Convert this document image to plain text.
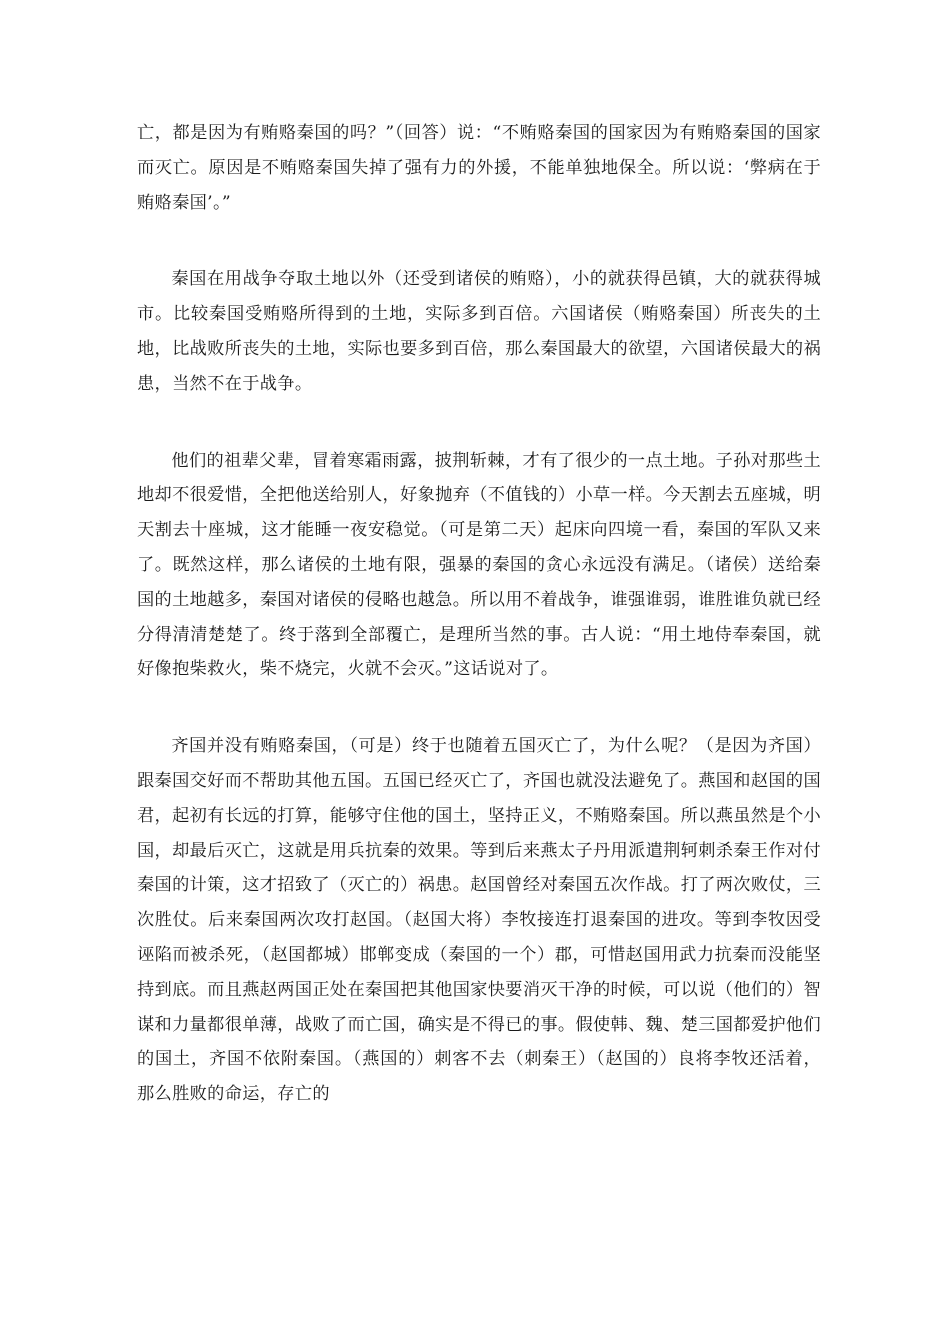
亡，都是因为有贿赂秦国的吗？”（回答）说：“不贿赂秦国的国家因为有贿赂秦国的国家而灭亡。原因是不贿赂秦国失掉了强有力的外援，不能单独地保全。所以说：‘弊病在于贿赂秦国’。”

秦国在用战争夺取土地以外（还受到诸侯的贿赂），小的就获得邑镇，大的就获得城市。比较秦国受贿赂所得到的土地，实际多到百倍。六国诸侯（贿赂秦国）所丧失的土地，比战败所丧失的土地，实际也要多到百倍，那么秦国最大的欲望，六国诸侯最大的祸患，当然不在于战争。

他们的祖辈父辈，冒着寒霜雨露，披荆斩棘，才有了很少的一点土地。子孙对那些土地却不很爱惜，全把他送给别人，好象抛弃（不值钱的）小草一样。今天割去五座城，明天割去十座城，这才能睡一夜安稳觉。（可是第二天）起床向四境一看，秦国的军队又来了。既然这样，那么诸侯的土地有限，强暴的秦国的贪心永远没有满足。（诸侯）送给秦国的土地越多，秦国对诸侯的侵略也越急。所以用不着战争，谁强谁弱，谁胜谁负就已经分得清清楚楚了。终于落到全部覆亡，是理所当然的事。古人说：“用土地侍奉秦国，就好像抱柴救火，柴不烧完，火就不会灭。”这话说对了。

齐国并没有贿赂秦国，（可是）终于也随着五国灭亡了，为什么呢？（是因为齐国）跟秦国交好而不帮助其他五国。五国已经灭亡了，齐国也就没法避免了。燕国和赵国的国君，起初有长远的打算，能够守住他的国土，坚持正义，不贿赂秦国。所以燕虽然是个小国，却最后灭亡，这就是用兵抗秦的效果。等到后来燕太子丹用派遣荆轲刺杀秦王作对付秦国的计策，这才招致了（灭亡的）祸患。赵国曾经对秦国五次作战。打了两次败仗，三次胜仗。后来秦国两次攻打赵国。（赵国大将）李牧接连打退秦国的进攻。等到李牧因受诬陷而被杀死，（赵国都城）邯郸变成（秦国的一个）郡，可惜赵国用武力抗秦而没能坚持到底。而且燕赵两国正处在秦国把其他国家快要消灭干净的时候，可以说（他们的）智谋和力量都很单薄，战败了而亡国，确实是不得已的事。假使韩、魏、楚三国都爱护他们的国土，齐国不依附秦国。（燕国的）刺客不去（刺秦王）（赵国的）良将李牧还活着，那么胜败的命运，存亡的
